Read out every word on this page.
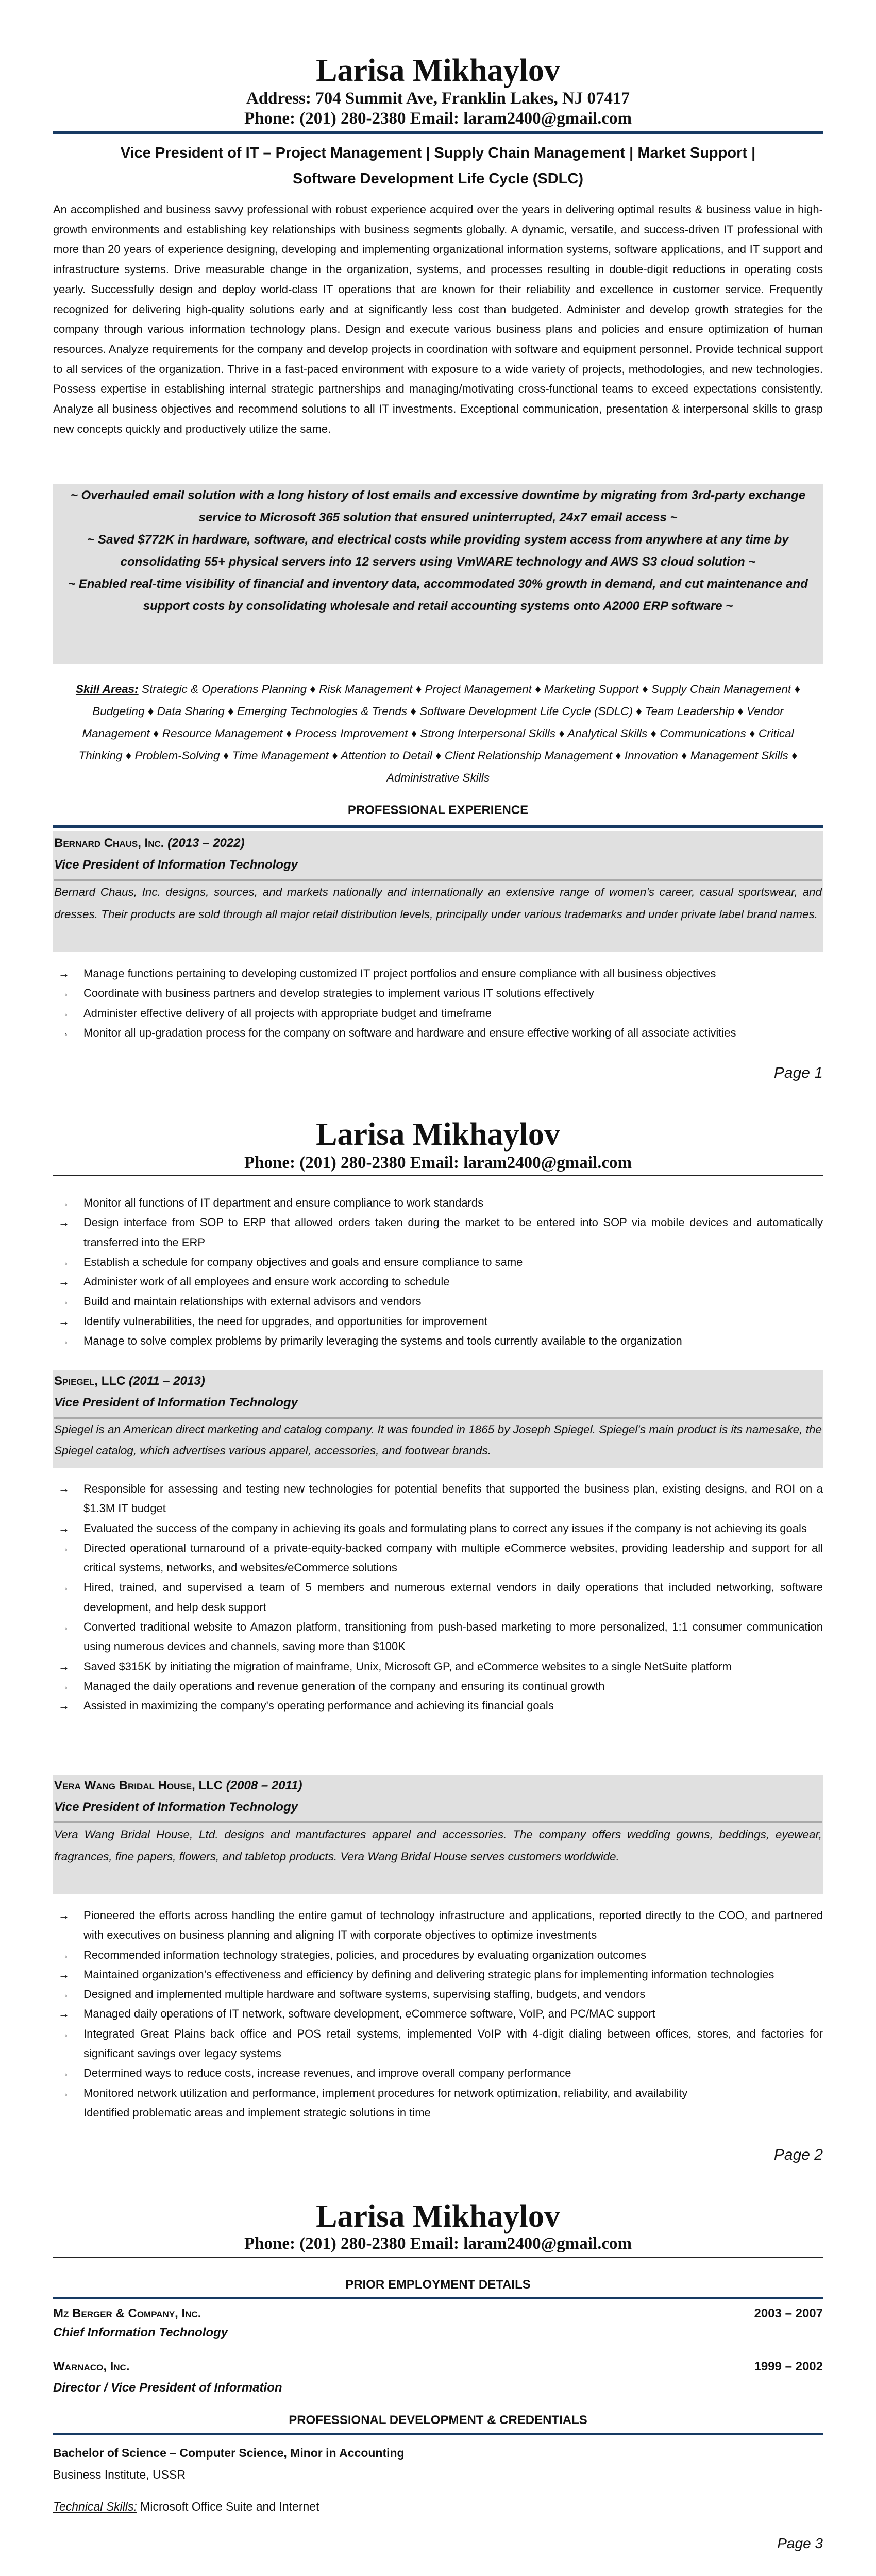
Larisa Mikhaylov
Address: 704 Summit Ave, Franklin Lakes, NJ 07417
Phone: (201) 280-2380 Email: laram2400@gmail.com
Vice President of IT – Project Management | Supply Chain Management | Market Support |
Software Development Life Cycle (SDLC)
An accomplished and business savvy professional with robust experience acquired over the years in delivering optimal results & business value in high-growth environments and establishing key relationships with business segments globally. A dynamic, versatile, and success-driven IT professional with more than 20 years of experience designing, developing and implementing organizational information systems, software applications, and IT support and infrastructure systems. Drive measurable change in the organization, systems, and processes resulting in double-digit reductions in operating costs yearly. Successfully design and deploy world-class IT operations that are known for their reliability and excellence in customer service. Frequently recognized for delivering high-quality solutions early and at significantly less cost than budgeted. Administer and develop growth strategies for the company through various information technology plans. Design and execute various business plans and policies and ensure optimization of human resources. Analyze requirements for the company and develop projects in coordination with software and equipment personnel. Provide technical support to all services of the organization. Thrive in a fast-paced environment with exposure to a wide variety of projects, methodologies, and new technologies. Possess expertise in establishing internal strategic partnerships and managing/motivating cross-functional teams to exceed expectations consistently. Analyze all business objectives and recommend solutions to all IT investments. Exceptional communication, presentation & interpersonal skills to grasp new concepts quickly and productively utilize the same.
~ Overhauled email solution with a long history of lost emails and excessive downtime by migrating from 3rd-party exchange service to Microsoft 365 solution that ensured uninterrupted, 24x7 email access ~
~ Saved $772K in hardware, software, and electrical costs while providing system access from anywhere at any time by consolidating 55+ physical servers into 12 servers using VmWARE technology and AWS S3 cloud solution ~
~ Enabled real-time visibility of financial and inventory data, accommodated 30% growth in demand, and cut maintenance and support costs by consolidating wholesale and retail accounting systems onto A2000 ERP software ~
Skill Areas: Strategic & Operations Planning ♦ Risk Management ♦ Project Management ♦ Marketing Support ♦ Supply Chain Management ♦ Budgeting ♦ Data Sharing ♦ Emerging Technologies & Trends ♦ Software Development Life Cycle (SDLC) ♦ Team Leadership ♦ Vendor Management ♦ Resource Management ♦ Process Improvement ♦ Strong Interpersonal Skills ♦ Analytical Skills ♦ Communications ♦ Critical Thinking ♦ Problem-Solving ♦ Time Management ♦ Attention to Detail ♦ Client Relationship Management ♦ Innovation ♦ Management Skills ♦ Administrative Skills
PROFESSIONAL EXPERIENCE
Bernard Chaus, Inc. (2013 – 2022)
Vice President of Information Technology
Bernard Chaus, Inc. designs, sources, and markets nationally and internationally an extensive range of women's career, casual sportswear, and dresses. Their products are sold through all major retail distribution levels, principally under various trademarks and under private label brand names.
→ Manage functions pertaining to developing customized IT project portfolios and ensure compliance with all business objectives
→ Coordinate with business partners and develop strategies to implement various IT solutions effectively
→ Administer effective delivery of all projects with appropriate budget and timeframe
→ Monitor all up-gradation process for the company on software and hardware and ensure effective working of all associate activities
Page 1
Larisa Mikhaylov
Phone: (201) 280-2380 Email: laram2400@gmail.com
→ Monitor all functions of IT department and ensure compliance to work standards
→ Design interface from SOP to ERP that allowed orders taken during the market to be entered into SOP via mobile devices and automatically transferred into the ERP
→ Establish a schedule for company objectives and goals and ensure compliance to same
→ Administer work of all employees and ensure work according to schedule
→ Build and maintain relationships with external advisors and vendors
→ Identify vulnerabilities, the need for upgrades, and opportunities for improvement
→ Manage to solve complex problems by primarily leveraging the systems and tools currently available to the organization
Spiegel, LLC (2011 – 2013)
Vice President of Information Technology
Spiegel is an American direct marketing and catalog company. It was founded in 1865 by Joseph Spiegel. Spiegel's main product is its namesake, the Spiegel catalog, which advertises various apparel, accessories, and footwear brands.
→ Responsible for assessing and testing new technologies for potential benefits that supported the business plan, existing designs, and ROI on a $1.3M IT budget
→ Evaluated the success of the company in achieving its goals and formulating plans to correct any issues if the company is not achieving its goals
→ Directed operational turnaround of a private-equity-backed company with multiple eCommerce websites, providing leadership and support for all critical systems, networks, and websites/eCommerce solutions
→ Hired, trained, and supervised a team of 5 members and numerous external vendors in daily operations that included networking, software development, and help desk support
→ Converted traditional website to Amazon platform, transitioning from push-based marketing to more personalized, 1:1 consumer communication using numerous devices and channels, saving more than $100K
→ Saved $315K by initiating the migration of mainframe, Unix, Microsoft GP, and eCommerce websites to a single NetSuite platform
→ Managed the daily operations and revenue generation of the company and ensuring its continual growth
→ Assisted in maximizing the company's operating performance and achieving its financial goals
Vera Wang Bridal House, LLC (2008 – 2011)
Vice President of Information Technology
Vera Wang Bridal House, Ltd. designs and manufactures apparel and accessories. The company offers wedding gowns, beddings, eyewear, fragrances, fine papers, flowers, and tabletop products. Vera Wang Bridal House serves customers worldwide.
→ Pioneered the efforts across handling the entire gamut of technology infrastructure and applications, reported directly to the COO, and partnered with executives on business planning and aligning IT with corporate objectives to optimize investments
→ Recommended information technology strategies, policies, and procedures by evaluating organization outcomes
→ Maintained organization’s effectiveness and efficiency by defining and delivering strategic plans for implementing information technologies
→ Designed and implemented multiple hardware and software systems, supervising staffing, budgets, and vendors
→ Managed daily operations of IT network, software development, eCommerce software, VoIP, and PC/MAC support
→ Integrated Great Plains back office and POS retail systems, implemented VoIP with 4-digit dialing between offices, stores, and factories for significant savings over legacy systems
→ Determined ways to reduce costs, increase revenues, and improve overall company performance
→ Monitored network utilization and performance, implement procedures for network optimization, reliability, and availability
Identified problematic areas and implement strategic solutions in time
Page 2
Larisa Mikhaylov
Phone: (201) 280-2380 Email: laram2400@gmail.com
PRIOR EMPLOYMENT DETAILS
Mz Berger & Company, Inc.	2003 – 2007
Chief Information Technology
Warnaco, Inc.	1999 – 2002
Director / Vice President of Information
PROFESSIONAL DEVELOPMENT & CREDENTIALS
Bachelor of Science – Computer Science, Minor in Accounting
Business Institute, USSR
Technical Skills: Microsoft Office Suite and Internet
Page 3
